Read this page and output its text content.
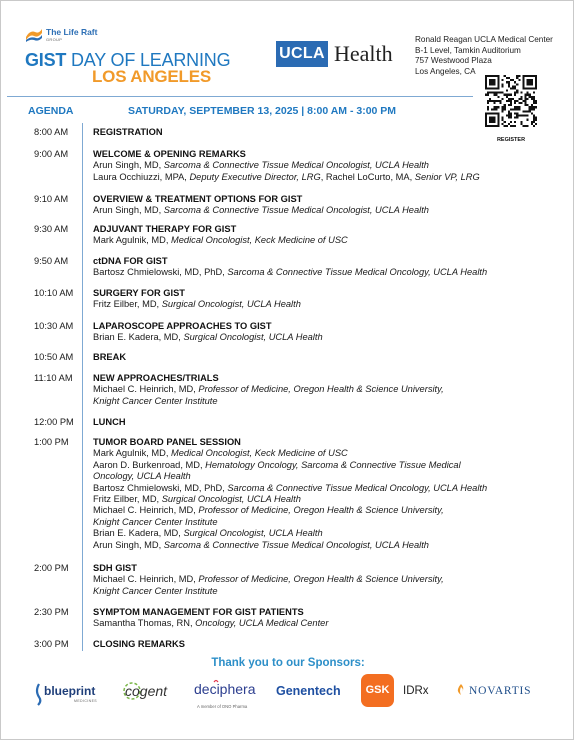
The Life Raft
GROUP
GIST DAY OF LEARNING
LOS ANGELES
UCLA Health
Ronald Reagan UCLA Medical Center
B-1 Level, Tamkin Auditorium
757 Westwood Plaza
Los Angeles, CA
REGISTER
AGENDA	SATURDAY, SEPTEMBER 13, 2025 | 8:00 AM - 3:00 PM
8:00 AM	REGISTRATION
9:00 AM	WELCOME & OPENING REMARKS
Arun Singh, MD, Sarcoma & Connective Tissue Medical Oncologist, UCLA Health
Laura Occhiuzzi, MPA, Deputy Executive Director, LRG, Rachel LoCurto, MA, Senior VP, LRG
9:10 AM	OVERVIEW & TREATMENT OPTIONS FOR GIST
Arun Singh, MD, Sarcoma & Connective Tissue Medical Oncologist, UCLA Health
9:30 AM	ADJUVANT THERAPY FOR GIST
Mark Agulnik, MD, Medical Oncologist, Keck Medicine of USC
9:50 AM	ctDNA FOR GIST
Bartosz Chmielowski, MD, PhD, Sarcoma & Connective Tissue Medical Oncology, UCLA Health
10:10 AM SURGERY FOR GIST
Fritz Eilber, MD, Surgical Oncologist, UCLA Health
10:30 AM LAPAROSCOPE APPROACHES TO GIST
Brian E. Kadera, MD, Surgical Oncologist, UCLA Health
10:50 AM BREAK
11:10 AM NEW APPROACHES/TRIALS
Michael C. Heinrich, MD, Professor of Medicine, Oregon Health & Science University,
Knight Cancer Center Institute
12:00 PM LUNCH
1:00 PM	TUMOR BOARD PANEL SESSION
Mark Agulnik, MD, Medical Oncologist, Keck Medicine of USC
Aaron D. Burkenroad, MD, Hematology Oncology, Sarcoma & Connective Tissue Medical
Oncology, UCLA Health
Bartosz Chmielowski, MD, PhD, Sarcoma & Connective Tissue Medical Oncology, UCLA Health
Fritz Eilber, MD, Surgical Oncologist, UCLA Health
Michael C. Heinrich, MD, Professor of Medicine, Oregon Health & Science University,
Knight Cancer Center Institute
Brian E. Kadera, MD, Surgical Oncologist, UCLA Health
Arun Singh, MD, Sarcoma & Connective Tissue Medical Oncologist, UCLA Health
2:00 PM	SDH GIST
Michael C. Heinrich, MD, Professor of Medicine, Oregon Health & Science University,
Knight Cancer Center Institute
2:30 PM	SYMPTOM MANAGEMENT FOR GIST PATIENTS
Samantha Thomas, RN, Oncology, UCLA Medical Center
3:00 PM	CLOSING REMARKS
Thank you to our Sponsors:
blueprint
MEDICINES
cogent deciphera
A member of ONO Pharma
Genentech	GSK	IDRx	NOVARTIS
